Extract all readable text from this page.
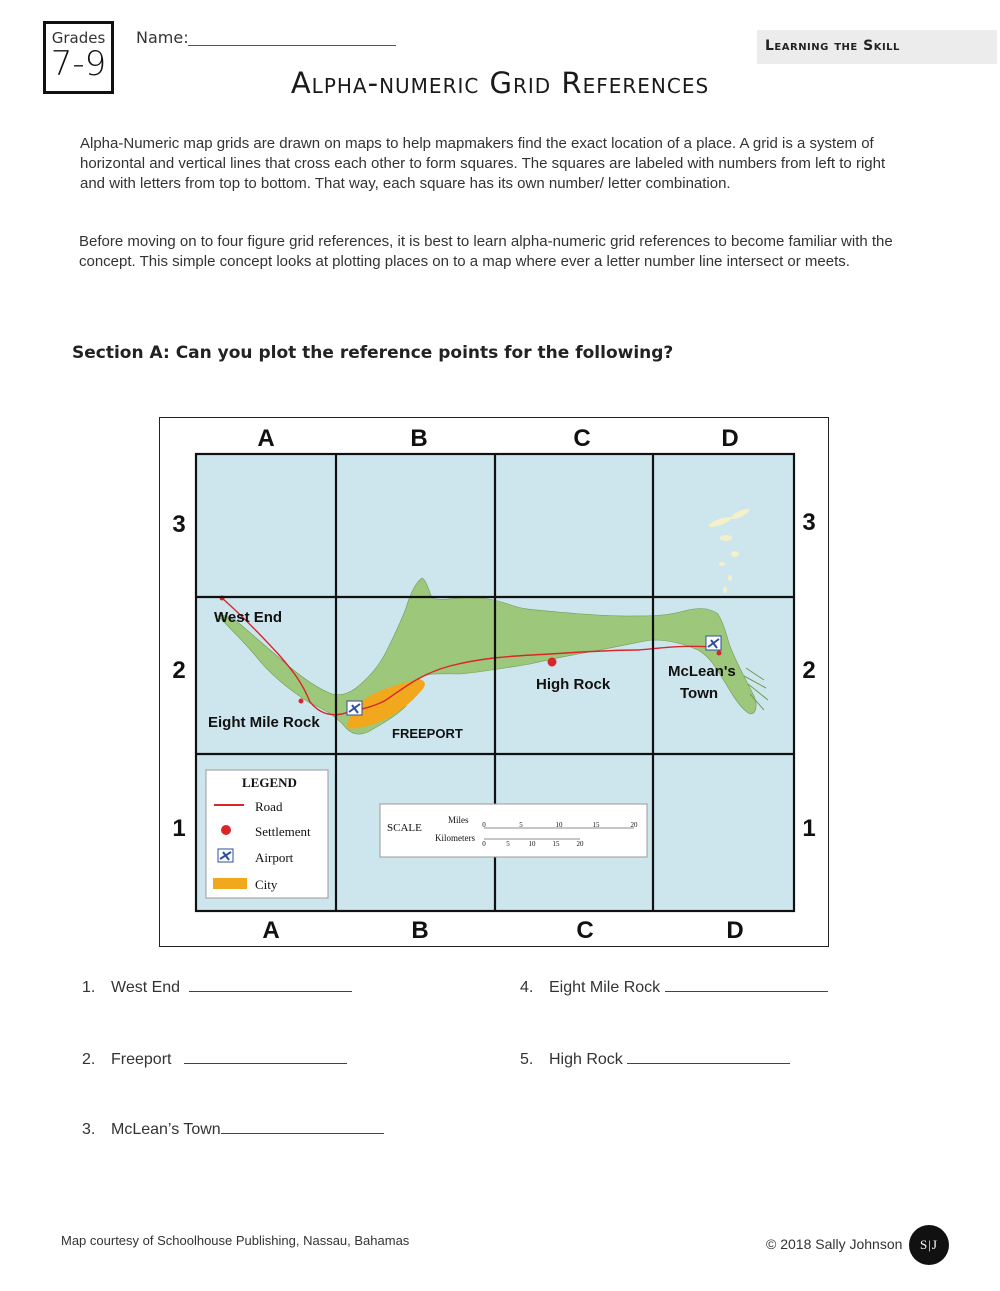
Grades
7-9
Name:	Learning the Skill
Alpha-numeric Grid References
Alpha-Numeric map grids are drawn on maps to help mapmakers find the exact location of a place. A grid is a system of horizontal and vertical lines that cross each other to form squares. The squares are labeled with numbers from left to right and with letters from top to bottom. That way, each square has its own number/ letter combination.
Before moving on to four figure grid references, it is best to learn alpha-numeric grid references to become familiar with the concept. This simple concept looks at plotting places on to a map where ever a letter number line intersect or meets.
Section A: Can you plot the reference points for the following?
A	B	C	D
A	B	C	D
3
2
1
3
2
1
West End
Eight Mile Rock
FREEPORT
High Rock
McLean's
Town
LEGEND
Road
Settlement
Airport
City
SCALE
Miles
Kilometers
0	5	10	15	20
0	5	10 15 20
1. West End
2. Freeport
3. McLean’s Town
4. Eight Mile Rock
5. High Rock
Map courtesy of Schoolhouse Publishing, Nassau, Bahamas	© 2018 Sally Johnson	S|J
